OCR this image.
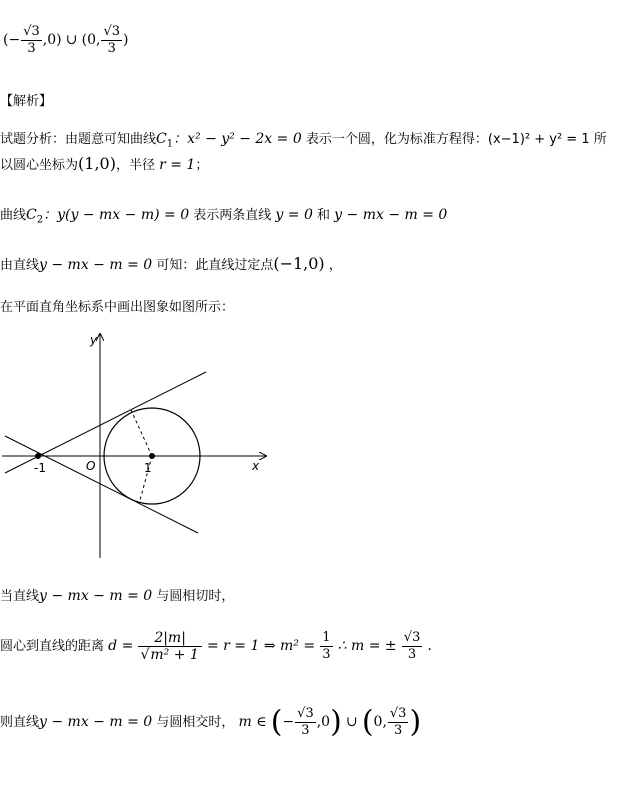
(− $\frac{√3}{3} ,0$) ∪ (0, $\frac{√3}{3}$ )
【解析】
试题分析：由题意可知曲线$C_1$：x² − y² − 2x = 0 表示一个圆，化为标准方程得：(x−1)² + y² = 1 所
以圆心坐标为(1,0)，半径 r = 1；
曲线$C_2$：y(y − mx − m) = 0 表示两条直线 y = 0 和 y − mx − m = 0
由直线y − mx − m = 0 可知：此直线过定点(−1,0) ，
在平面直角坐标系中画出图象如图所示：
y
x
O
-1	1
当直线y − mx − m = 0 与圆相切时，
圆心到直线的距离 $d = \frac{2|m|}{\text{√m² + 1}} = r = 1$ ⇒ $m^2 = \frac{1}{3}$ ∴ m = ± $\frac{√3}{3}$ .
则直线y − mx − m = 0 与圆相交时， m ∈ (− $\frac{√3}{3} ,0$) ∪ (0, $\frac{√3}{3}$ )
